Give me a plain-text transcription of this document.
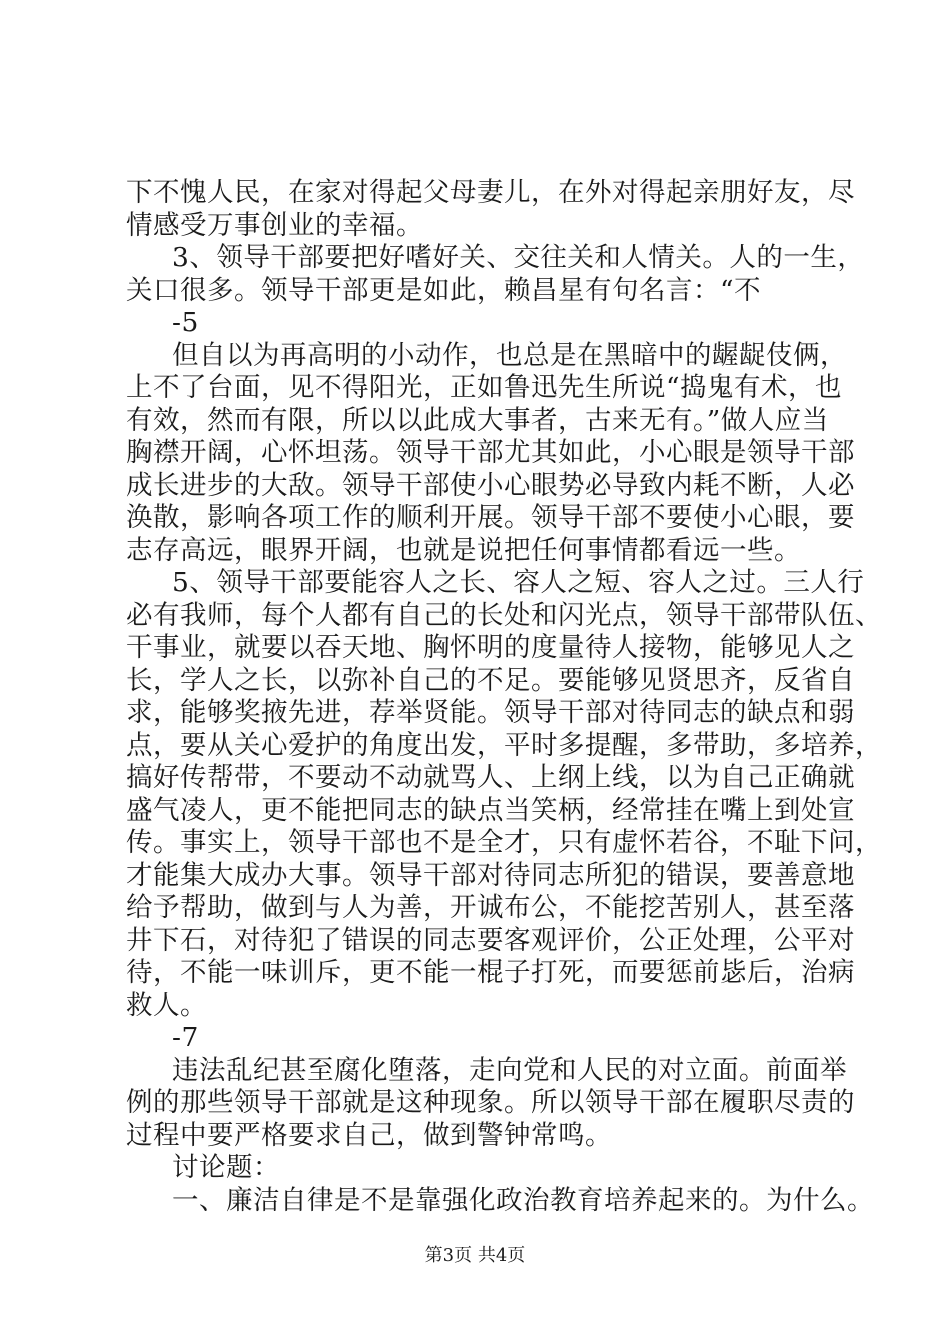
下不愧人民，在家对得起父母妻儿，在外对得起亲朋好友，尽
情感受万事创业的幸福。
3、领导干部要把好嗜好关、交往关和人情关。人的一生，
关口很多。领导干部更是如此，赖昌星有句名言：“不
-5
但自以为再高明的小动作，也总是在黑暗中的龌龊伎俩，
上不了台面，见不得阳光，正如鲁迅先生所说“捣鬼有术，也
有效，然而有限，所以以此成大事者，古来无有。”做人应当
胸襟开阔，心怀坦荡。领导干部尤其如此，小心眼是领导干部
成长进步的大敌。领导干部使小心眼势必导致内耗不断，人必
涣散，影响各项工作的顺利开展。领导干部不要使小心眼，要
志存高远，眼界开阔，也就是说把任何事情都看远一些。
5、领导干部要能容人之长、容人之短、容人之过。三人行
必有我师，每个人都有自己的长处和闪光点，领导干部带队伍、
干事业，就要以吞天地、胸怀明的度量待人接物，能够见人之
长，学人之长，以弥补自己的不足。要能够见贤思齐，反省自
求，能够奖掖先进，荐举贤能。领导干部对待同志的缺点和弱
点，要从关心爱护的角度出发，平时多提醒，多带助，多培养，
搞好传帮带，不要动不动就骂人、上纲上线，以为自己正确就
盛气凌人，更不能把同志的缺点当笑柄，经常挂在嘴上到处宣
传。事实上，领导干部也不是全才，只有虚怀若谷，不耻下问，
才能集大成办大事。领导干部对待同志所犯的错误，要善意地
给予帮助，做到与人为善，开诚布公，不能挖苦别人，甚至落
井下石，对待犯了错误的同志要客观评价，公正处理，公平对
待，不能一味训斥，更不能一棍子打死，而要惩前毖后，治病
救人。
-7
违法乱纪甚至腐化堕落，走向党和人民的对立面。前面举
例的那些领导干部就是这种现象。所以领导干部在履职尽责的
过程中要严格要求自己，做到警钟常鸣。
讨论题：
一、廉洁自律是不是靠强化政治教育培养起来的。为什么。
第3页 共4页
